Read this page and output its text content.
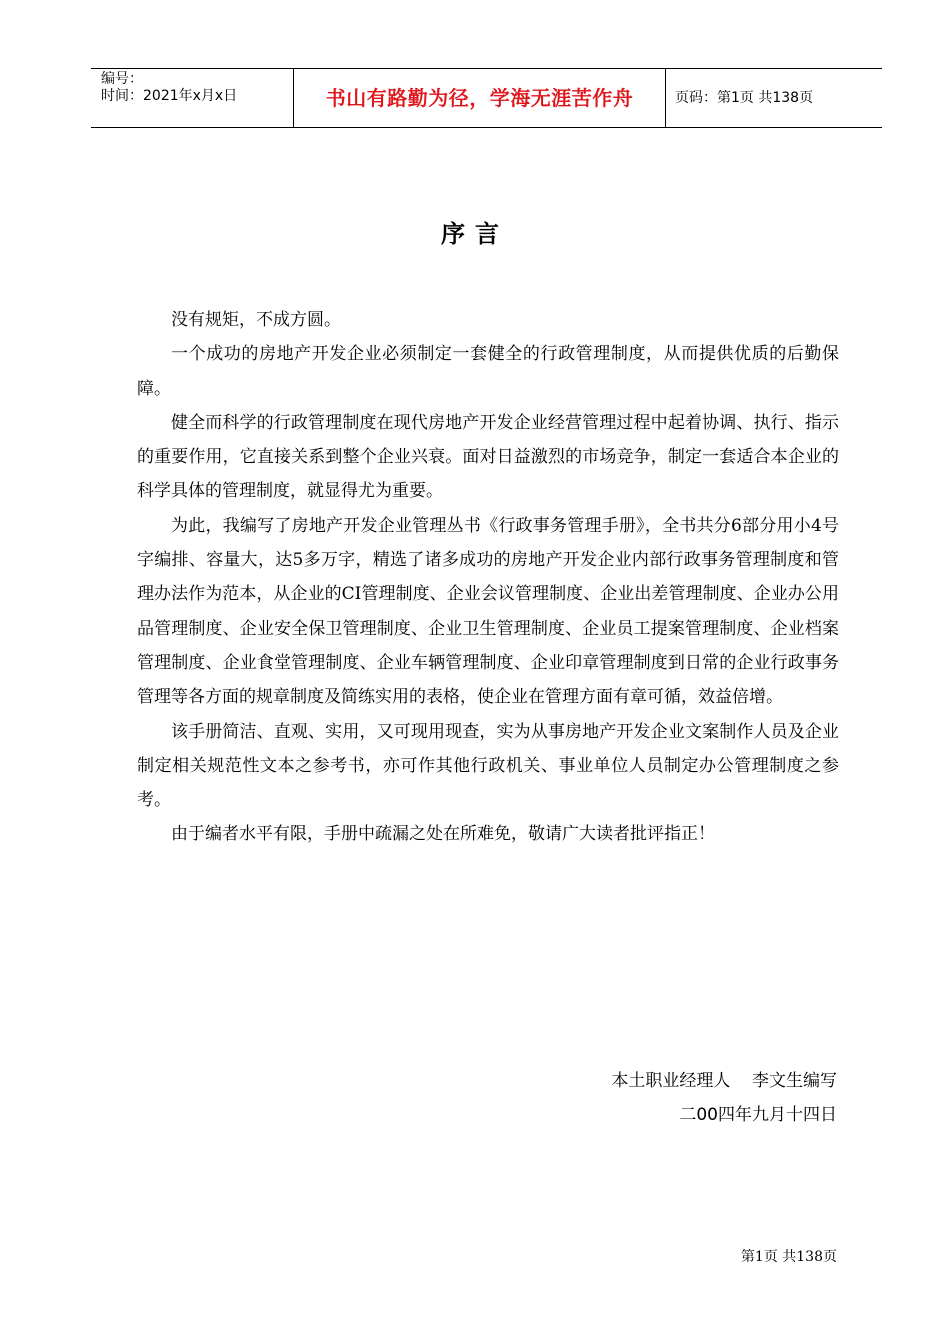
编号：
时间：2021年x月x日	书山有路勤为径，学海无涯苦作舟	页码：第1页 共138页
序言

没有规矩，不成方圆。

一个成功的房地产开发企业必须制定一套健全的行政管理制度，从而提供优质的后勤保障。

健全而科学的行政管理制度在现代房地产开发企业经营管理过程中起着协调、执行、指示的重要作用，它直接关系到整个企业兴衰。面对日益激烈的市场竞争，制定一套适合本企业的科学具体的管理制度，就显得尤为重要。

为此，我编写了房地产开发企业管理丛书《行政事务管理手册》，全书共分6部分用小4号字编排、容量大，达5多万字，精选了诸多成功的房地产开发企业内部行政事务管理制度和管理办法作为范本，从企业的CI管理制度、企业会议管理制度、企业出差管理制度、企业办公用品管理制度、企业安全保卫管理制度、企业卫生管理制度、企业员工提案管理制度、企业档案管理制度、企业食堂管理制度、企业车辆管理制度、企业印章管理制度到日常的企业行政事务管理等各方面的规章制度及简练实用的表格，使企业在管理方面有章可循，效益倍增。

该手册简洁、直观、实用，又可现用现查，实为从事房地产开发企业文案制作人员及企业制定相关规范性文本之参考书，亦可作其他行政机关、事业单位人员制定办公管理制度之参考。

由于编者水平有限，手册中疏漏之处在所难免，敬请广大读者批评指正！

本土职业经理人    李文生编写
二00四年九月十四日
第1页 共138页
